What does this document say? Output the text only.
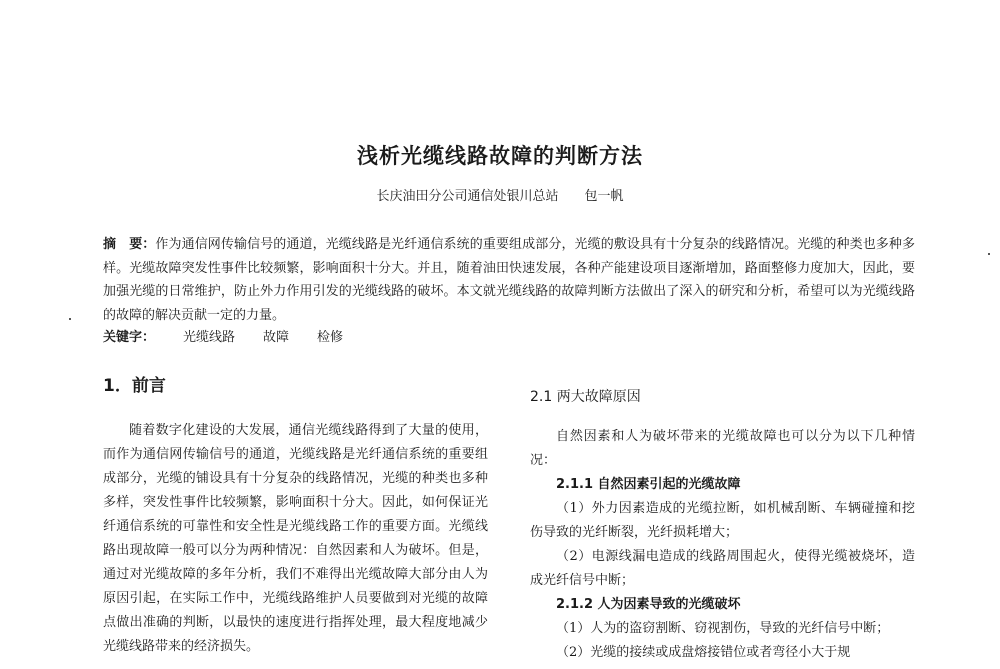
浅析光缆线路故障的判断方法
长庆油田分公司通信处银川总站 包一帆
摘　要：作为通信网传输信号的通道，光缆线路是光纤通信系统的重要组成部分，光缆的敷设具有十分复杂的线路情况。光缆的种类也多种多样。光缆故障突发性事件比较频繁，影响面积十分大。并且，随着油田快速发展，各种产能建设项目逐渐增加，路面整修力度加大，因此，要加强光缆的日常维护，防止外力作用引发的光缆线路的破坏。本文就光缆线路的故障判断方法做出了深入的研究和分析，希望可以为光缆线路的故障的解决贡献一定的力量。
关键字： 光缆线路 故障 检修
1．前言
随着数字化建设的大发展，通信光缆线路得到了大量的使用，而作为通信网传输信号的通道，光缆线路是光纤通信系统的重要组成部分，光缆的铺设具有十分复杂的线路情况，光缆的种类也多种多样，突发性事件比较频繁，影响面积十分大。因此，如何保证光纤通信系统的可靠性和安全性是光缆线路工作的重要方面。光缆线路出现故障一般可以分为两种情况：自然因素和人为破坏。但是，通过对光缆故障的多年分析，我们不难得出光缆故障大部分由人为原因引起，在实际工作中，光缆线路维护人员要做到对光缆的故障点做出准确的判断，以最快的速度进行指挥处理，最大程度地减少光缆线路带来的经济损失。
2.1 两大故障原因

自然因素和人为破坏带来的光缆故障也可以分为以下几种情况：

2.1.1 自然因素引起的光缆故障

（1）外力因素造成的光缆拉断，如机械刮断、车辆碰撞和挖伤导致的光纤断裂，光纤损耗增大；

（2）电源线漏电造成的线路周围起火，使得光缆被烧坏，造成光纤信号中断；

2.1.2 人为因素导致的光缆破坏

（1）人为的盗窃割断、窃视割伤，导致的光纤信号中断；

（2）光缆的接续或成盘熔接错位或者弯径小大于规
